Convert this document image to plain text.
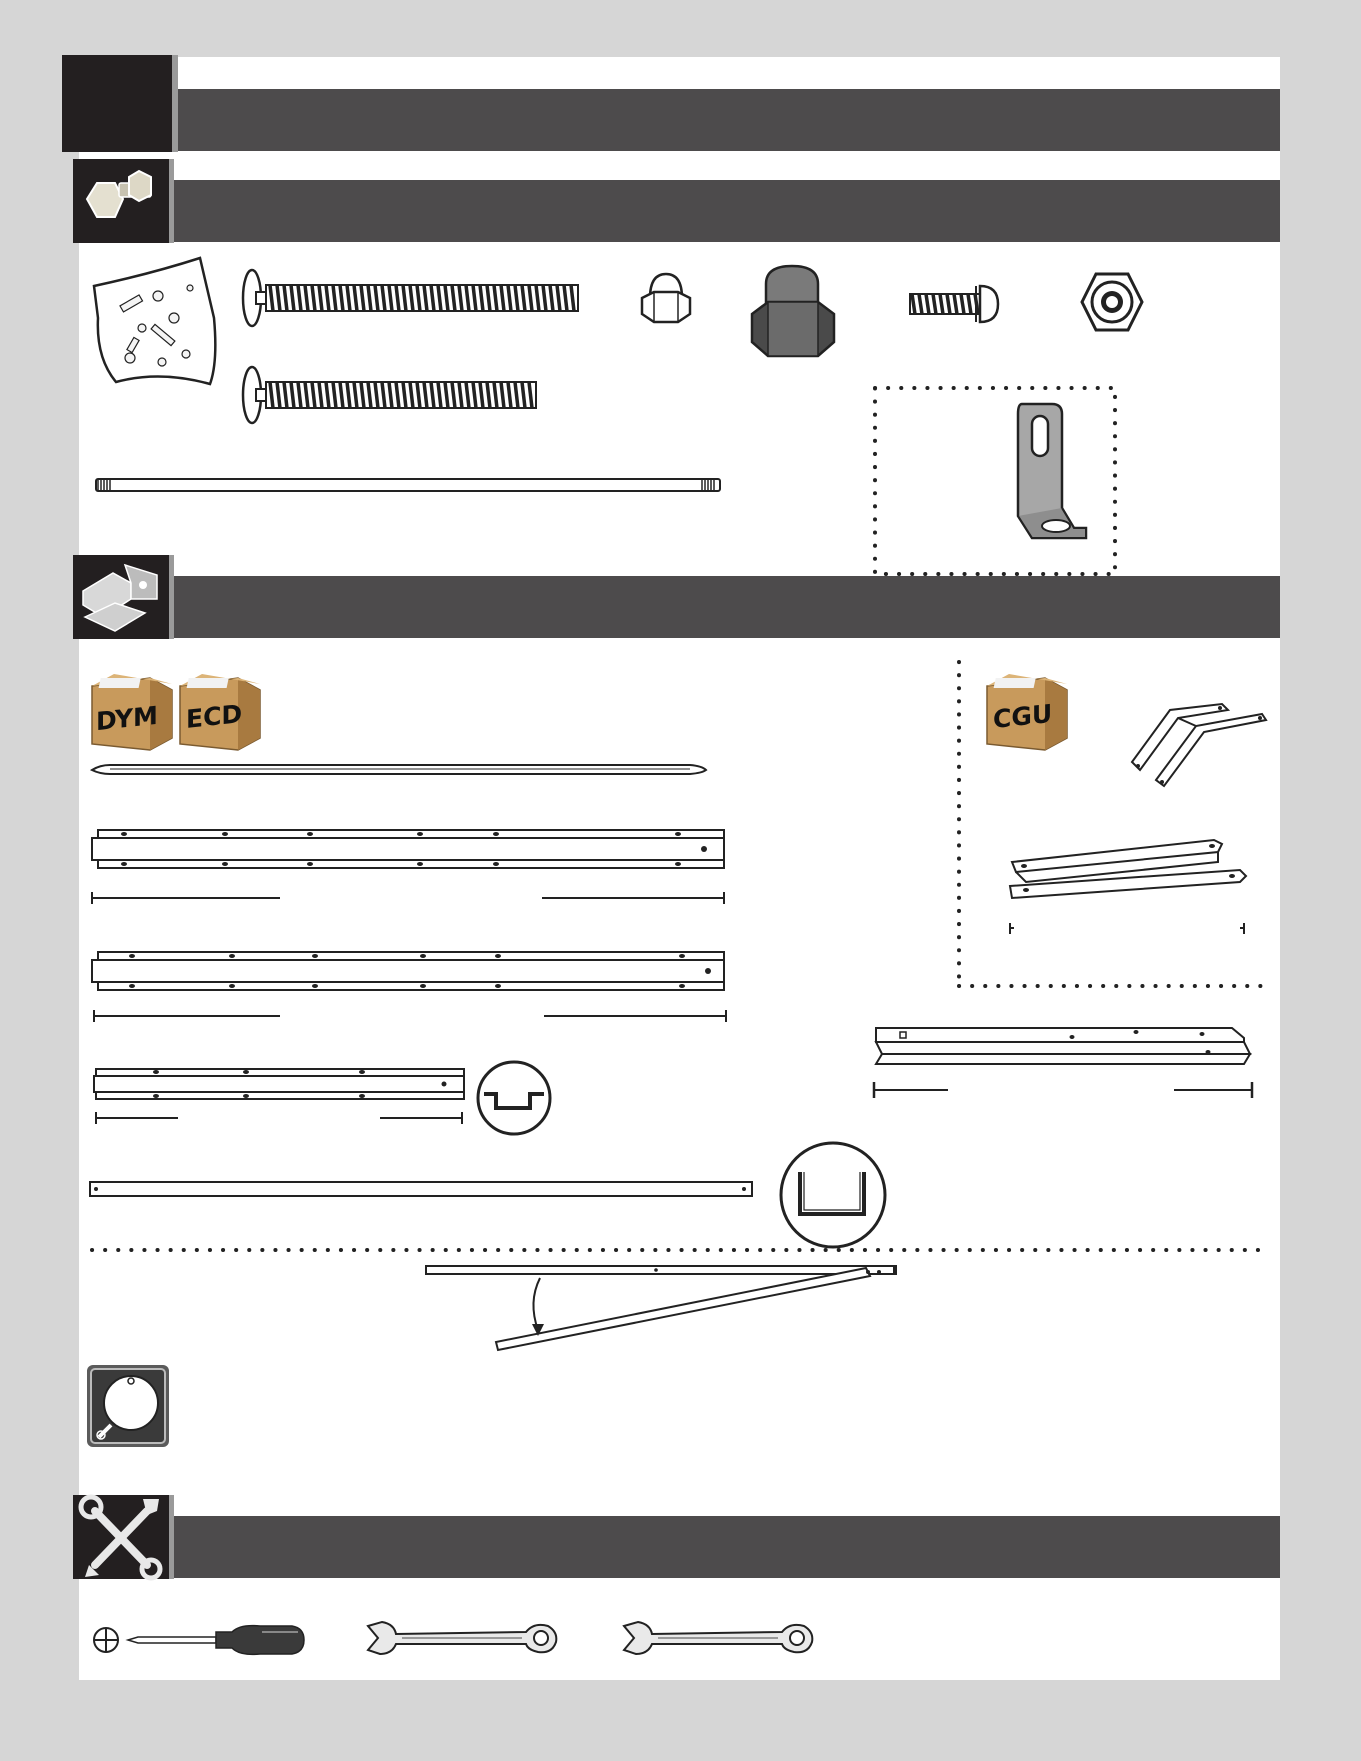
DYM ECD	CGU
